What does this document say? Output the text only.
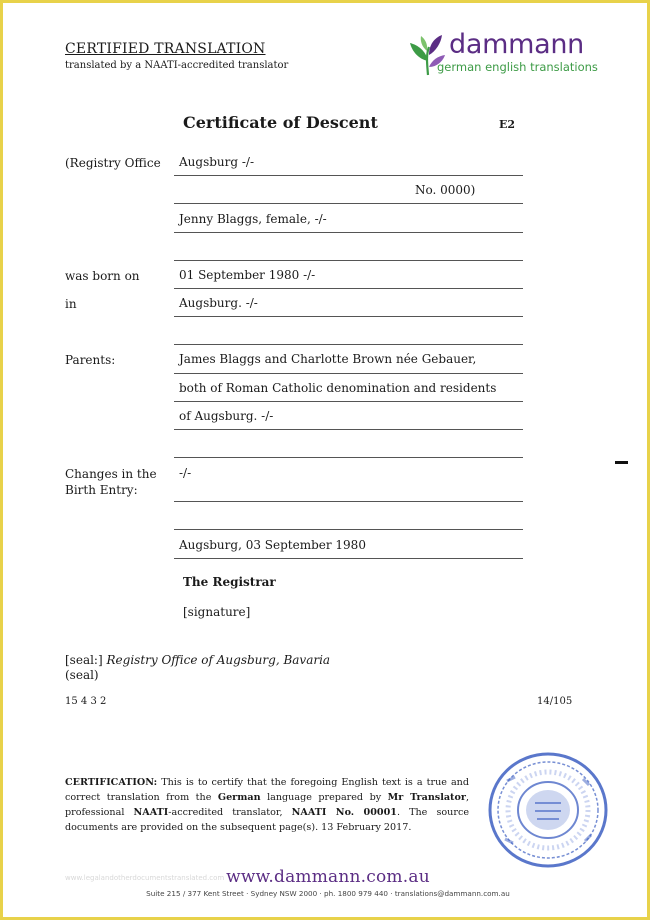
CERTIFIED TRANSLATION
translated by a NAATI-accredited translator
dammann
german english translations
Certificate of Descent	E2
(Registry Office Augsburg -/-
No. 0000)
Jenny Blaggs, female, -/-
was born on	01 September 1980 -/-
in	Augsburg. -/-
Parents:	James Blaggs and Charlotte Brown née Gebauer,
both of Roman Catholic denomination and residents
of Augsburg. -/-
Changes in the
Birth Entry:
-/-
Augsburg, 03 September 1980
The Registrar
[signature]
[seal:] Registry Office of Augsburg, Bavaria
(seal)
15 4 3 2	14/105
CERTIFICATION: This is to certify that the foregoing English text is a true and correct translation from the German language prepared by Mr Translator, professional NAATI-accredited translator, NAATI No. 00001. The source documents are provided on the subsequent page(s). 13 February 2017.
www.legalandotherdocumentstranslated.com www.dammann.com.au
Suite 215 / 377 Kent Street · Sydney NSW 2000 · ph. 1800 979 440 · translations@dammann.com.au
